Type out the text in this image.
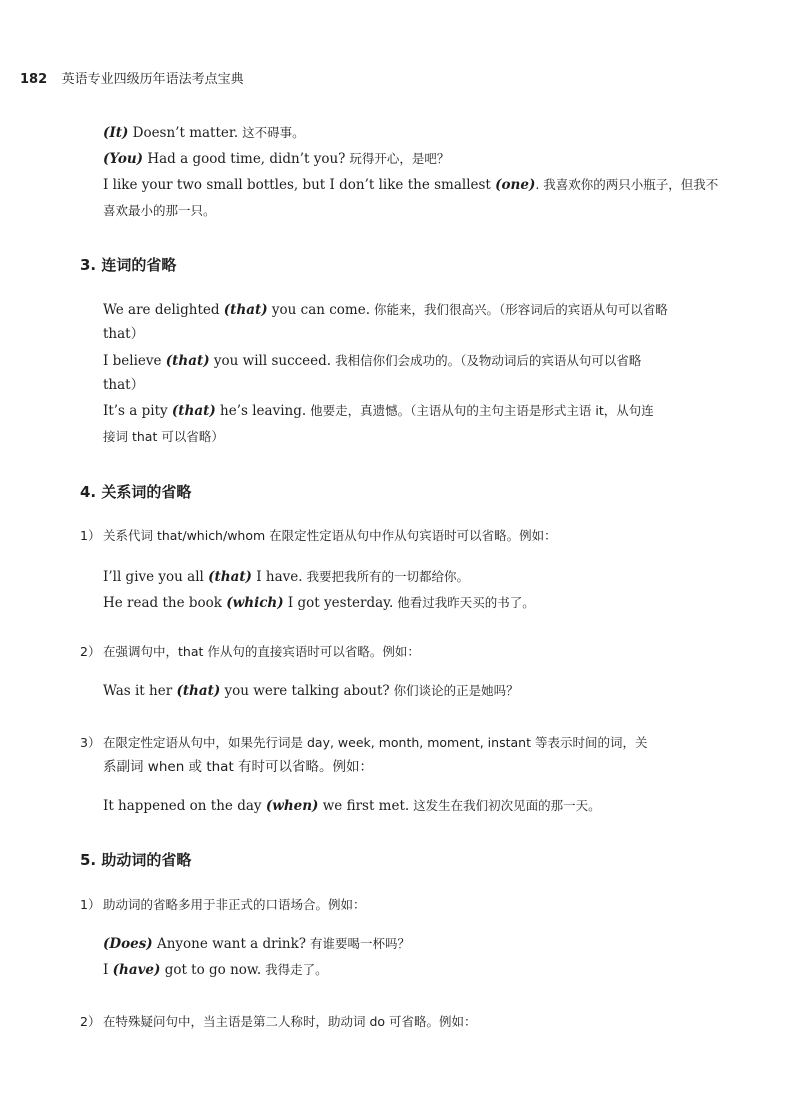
182 英语专业四级历年语法考点宝典
(It) Doesn’t matter. 这不碍事。
(You) Had a good time, didn’t you? 玩得开心，是吧？
I like your two small bottles, but I don’t like the smallest (one). 我喜欢你的两只小瓶子，但我不
喜欢最小的那一只。
3. 连词的省略
We are delighted (that) you can come. 你能来，我们很高兴。（形容词后的宾语从句可以省略
that）
I believe (that) you will succeed. 我相信你们会成功的。（及物动词后的宾语从句可以省略
that）
It’s a pity (that) he’s leaving. 他要走，真遗憾。（主语从句的主句主语是形式主语 it，从句连
接词 that 可以省略）
4. 关系词的省略
1） 关系代词 that/which/whom 在限定性定语从句中作从句宾语时可以省略。例如：
I’ll give you all (that) I have. 我要把我所有的一切都给你。
He read the book (which) I got yesterday. 他看过我昨天买的书了。
2） 在强调句中，that 作从句的直接宾语时可以省略。例如：
Was it her (that) you were talking about? 你们谈论的正是她吗？
3） 在限定性定语从句中，如果先行词是 day, week, month, moment, instant 等表示时间的词，关
系副词 when 或 that 有时可以省略。例如：
It happened on the day (when) we first met. 这发生在我们初次见面的那一天。
5. 助动词的省略
1） 助动词的省略多用于非正式的口语场合。例如：
(Does) Anyone want a drink? 有谁要喝一杯吗？
I (have) got to go now. 我得走了。
2） 在特殊疑问句中，当主语是第二人称时，助动词 do 可省略。例如：
